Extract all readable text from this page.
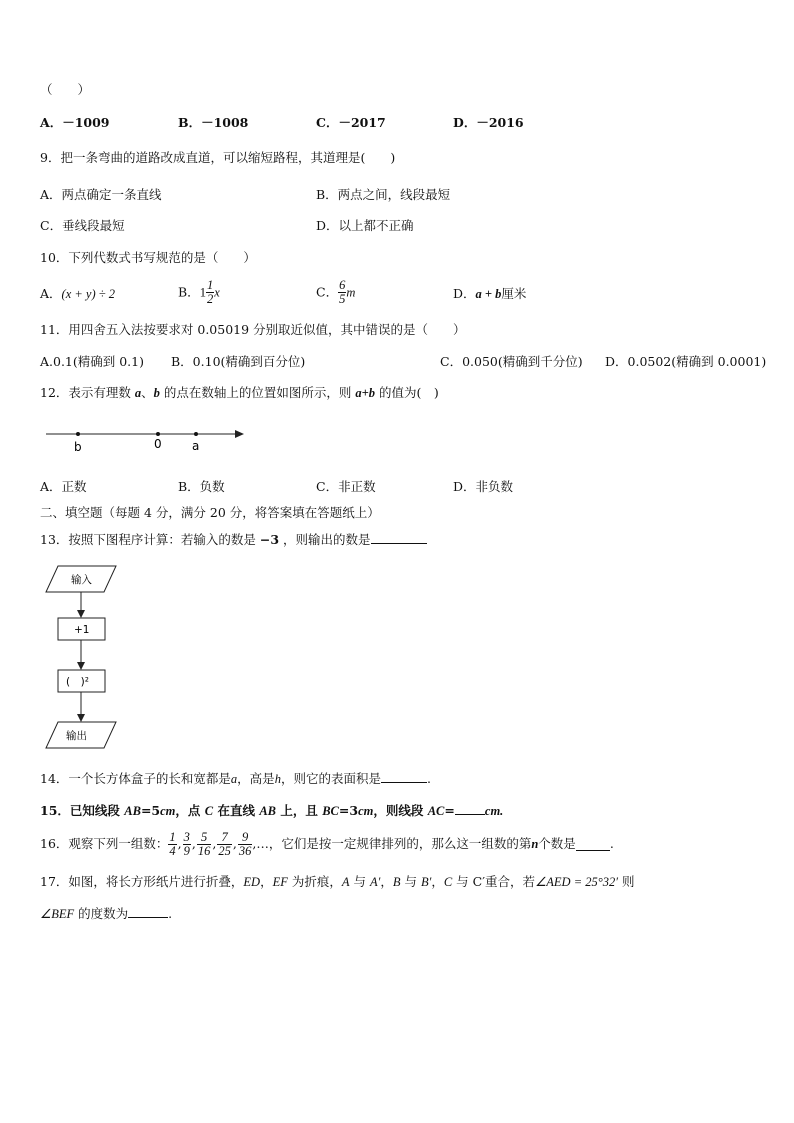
（　　）
A．－1009	B．－1008	C．－2017	D．－2016
9．把一条弯曲的道路改成直道，可以缩短路程，其道理是(　　)
A．两点确定一条直线	B．两点之间，线段最短
C．垂线段最短	D．以上都不正确
10．下列代数式书写规范的是（　　）
A．(x + y) ÷ 2	B．$1 \frac{1}{2}$ x	C． $\frac{6}{5}$ m	D．a + b厘米
11．用四舍五入法按要求对 0.05019 分别取近似值，其中错误的是（　　）
A.0.1(精确到 0.1) B．0.10(精确到百分位)	C．0.050(精确到千分位) D．0.0502(精确到 0.0001)
12．表示有理数 a、b 的点在数轴上的位置如图所示，则 a+b 的值为(　)
b	0	a
A．正数	B．负数	C．非正数	D．非负数
二、填空题（每题 4 分，满分 20 分，将答案填在答题纸上）
13．按照下图程序计算：若输入的数是 −3 ，则输出的数是
输入
+1
(　)²
输出
14．一个长方体盒子的长和宽都是a，高是h，则它的表面积是	.
15．已知线段 AB=5cm，点 C 在直线 AB 上，且 BC=3cm，则线段 AC= cm.
16．观察下列一组数： $\frac{1}{4}$ , $\frac{3}{9}$ , $\frac{5}{16}$ , $\frac{7}{25}$ , $\frac{9}{36}$ ,…， 它们是按一定规律排列的，那么这一组数的第 n 个数是	.
17．如图，将长方形纸片进行折叠，ED，EF 为折痕，A 与 A′，B 与 B′，C 与 C′重合，若∠AED = 25°32′ 则
∠BEF 的度数为	.
